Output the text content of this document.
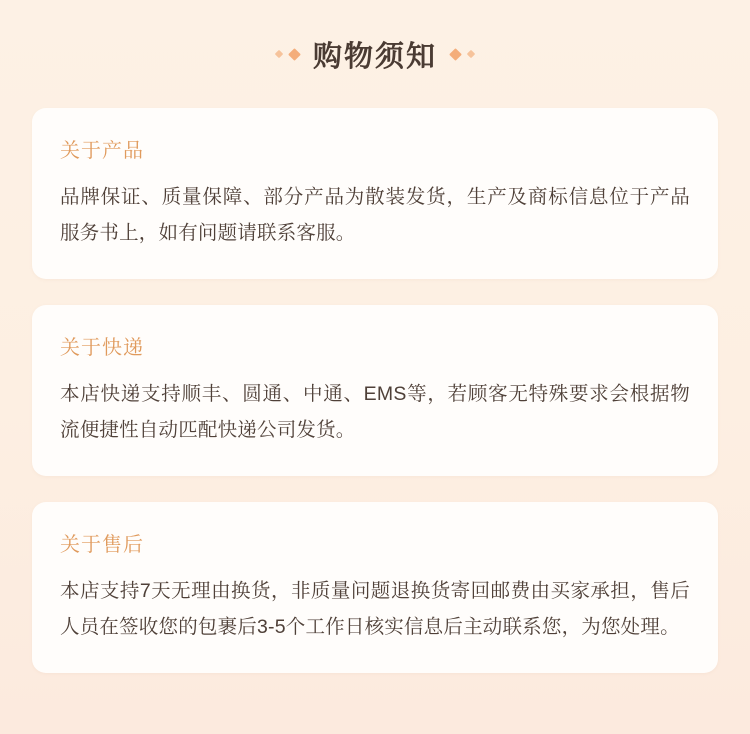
购物须知
关于产品
品牌保证、质量保障、部分产品为散装发货，生产及商标信息位于产品服务书上，如有问题请联系客服。
关于快递
本店快递支持顺丰、圆通、中通、EMS等，若顾客无特殊要求会根据物流便捷性自动匹配快递公司发货。
关于售后
本店支持7天无理由换货，非质量问题退换货寄回邮费由买家承担，售后人员在签收您的包裹后3-5个工作日核实信息后主动联系您，为您处理。
